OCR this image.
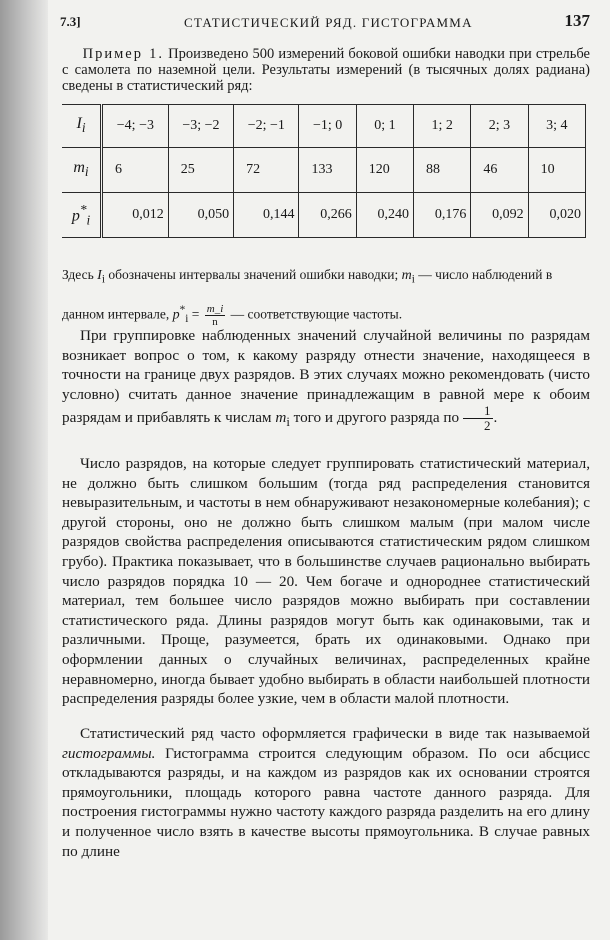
7.3]	СТАТИСТИЧЕСКИЙ РЯД. ГИСТОГРАММА	137
Пример 1. Произведено 500 измерений боковой ошибки наводки при стрельбе с самолета по наземной цели. Результаты измерений (в тысячных долях радиана) сведены в статистический ряд:
$I_i$	−4; −3	−3; −2	−2; −1	−1; 0	0; 1	1; 2	2; 3	3; 4
$m_i$	6	25	72	133	120	88	46	10
$p^*_i$	0,012	0,050	0,144	0,266	0,240	0,176	0,092	0,020
Здесь $I_i$ обозначены интервалы значений ошибки наводки; $m_i$ — число наблюдений в данном интервале, $p^*_i = \frac{m\_i}{n}$ — соответствующие частоты.

При группировке наблюденных значений случайной величины по разрядам возникает вопрос о том, к какому разряду отнести значение, находящееся в точности на границе двух разрядов. В этих случаях можно рекомендовать (чисто условно) считать данное значение принадлежащим в равной мере к обоим разрядам и прибавлять к числам $m_i$ того и другого разряда по $\frac{1}{2}$ .

Число разрядов, на которые следует группировать статистический материал, не должно быть слишком большим (тогда ряд распределения становится невыразительным, и частоты в нем обнаруживают незакономерные колебания); с другой стороны, оно не должно быть слишком малым (при малом числе разрядов свойства распределения описываются статистическим рядом слишком грубо). Практика показывает, что в большинстве случаев рационально выбирать число разрядов порядка 10 — 20. Чем богаче и однороднее статистический материал, тем большее число разрядов можно выбирать при составлении статистического ряда. Длины разрядов могут быть как одинаковыми, так и различными. Проще, разумеется, брать их одинаковыми. Однако при оформлении данных о случайных величинах, распределенных крайне неравномерно, иногда бывает удобно выбирать в области наибольшей плотности распределения разряды более узкие, чем в области малой плотности.

Статистический ряд часто оформляется графически в виде так называемой гистограммы. Гистограмма строится следующим образом. По оси абсцисс откладываются разряды, и на каждом из разрядов как их основании строятся прямоугольники, площадь которого равна частоте данного разряда. Для построения гистограммы нужно частоту каждого разряда разделить на его длину и полученное число взять в качестве высоты прямоугольника. В случае равных по длине
